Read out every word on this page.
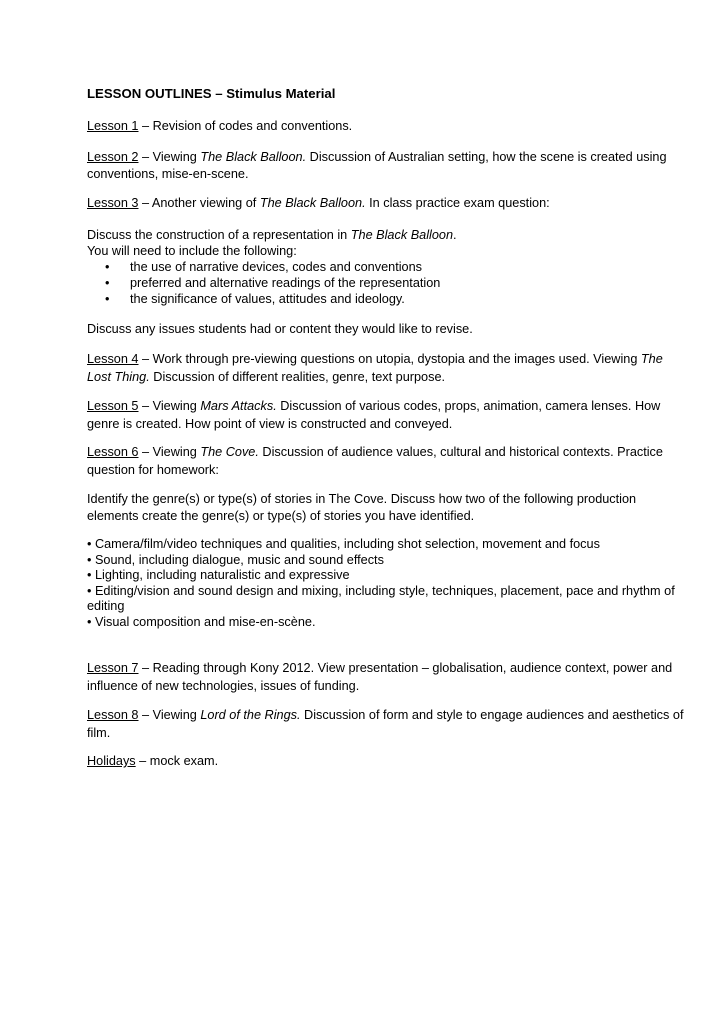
LESSON OUTLINES – Stimulus Material

Lesson 1 – Revision of codes and conventions.

Lesson 2 – Viewing The Black Balloon. Discussion of Australian setting, how the scene is created using conventions, mise-en-scene.

Lesson 3 – Another viewing of The Black Balloon. In class practice exam question:

Discuss the construction of a representation in The Black Balloon.
You will need to include the following:
• the use of narrative devices, codes and conventions
• preferred and alternative readings of the representation
• the significance of values, attitudes and ideology.

Discuss any issues students had or content they would like to revise.

Lesson 4 – Work through pre-viewing questions on utopia, dystopia and the images used. Viewing The Lost Thing. Discussion of different realities, genre, text purpose.

Lesson 5 – Viewing Mars Attacks. Discussion of various codes, props, animation, camera lenses. How genre is created. How point of view is constructed and conveyed.

Lesson 6 – Viewing The Cove. Discussion of audience values, cultural and historical contexts. Practice question for homework:

Identify the genre(s) or type(s) of stories in The Cove. Discuss how two of the following production elements create the genre(s) or type(s) of stories you have identified.

• Camera/film/video techniques and qualities, including shot selection, movement and focus
• Sound, including dialogue, music and sound effects
• Lighting, including naturalistic and expressive
• Editing/vision and sound design and mixing, including style, techniques, placement, pace and rhythm of editing
• Visual composition and mise-en-scène.

Lesson 7 – Reading through Kony 2012. View presentation – globalisation, audience context, power and influence of new technologies, issues of funding.

Lesson 8 – Viewing Lord of the Rings. Discussion of form and style to engage audiences and aesthetics of film.

Holidays – mock exam.
